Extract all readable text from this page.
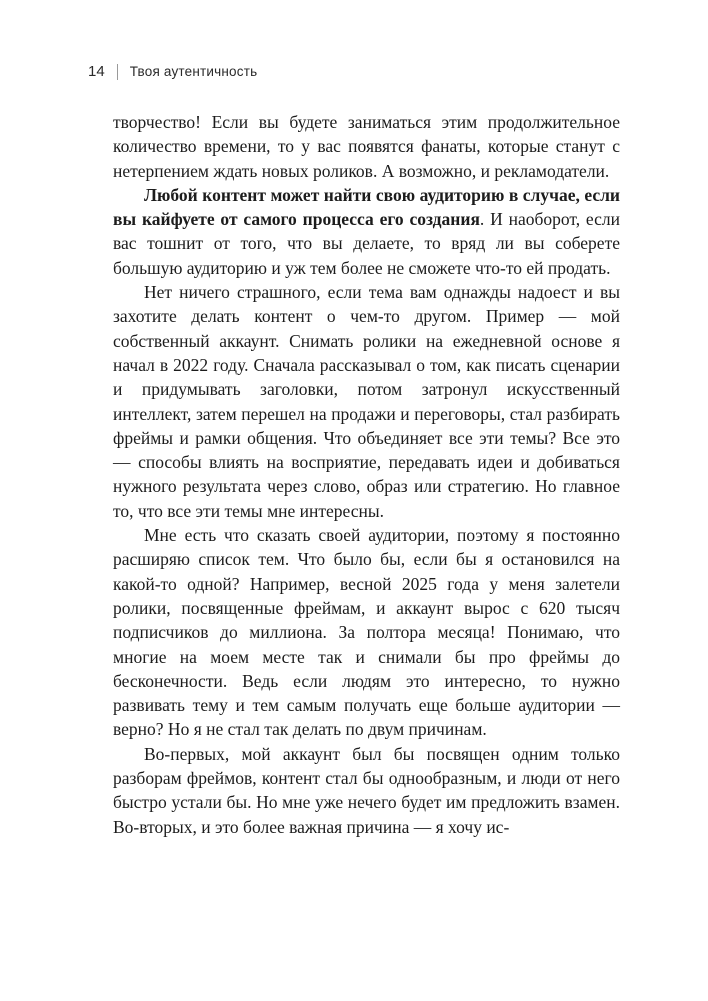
14 Твоя аутентичность

творчество! Если вы будете заниматься этим продолжительное количество времени, то у вас появятся фанаты, которые станут с нетерпением ждать новых роликов. А возможно, и рекламодатели.

Любой контент может найти свою аудиторию в случае, если вы кайфуете от самого процесса его создания. И наоборот, если вас тошнит от того, что вы делаете, то вряд ли вы соберете большую аудиторию и уж тем более не сможете что-то ей продать.

Нет ничего страшного, если тема вам однажды надоест и вы захотите делать контент о чем-то другом. Пример — мой собственный аккаунт. Снимать ролики на ежедневной основе я начал в 2022 году. Сначала рассказывал о том, как писать сценарии и придумывать заголовки, потом затронул искусственный интеллект, затем перешел на продажи и переговоры, стал разбирать фреймы и рамки общения. Что объединяет все эти темы? Все это — способы влиять на восприятие, передавать идеи и добиваться нужного результата через слово, образ или стратегию. Но главное то, что все эти темы мне интересны.

Мне есть что сказать своей аудитории, поэтому я постоянно расширяю список тем. Что было бы, если бы я остановился на какой-то одной? Например, весной 2025 года у меня залетели ролики, посвященные фреймам, и аккаунт вырос с 620 тысяч подписчиков до миллиона. За полтора месяца! Понимаю, что многие на моем месте так и снимали бы про фреймы до бесконечности. Ведь если людям это интересно, то нужно развивать тему и тем самым получать еще больше аудитории — верно? Но я не стал так делать по двум причинам.

Во-первых, мой аккаунт был бы посвящен одним только разборам фреймов, контент стал бы однообразным, и люди от него быстро устали бы. Но мне уже нечего будет им предложить взамен. Во-вторых, и это более важная причина — я хочу ис-
